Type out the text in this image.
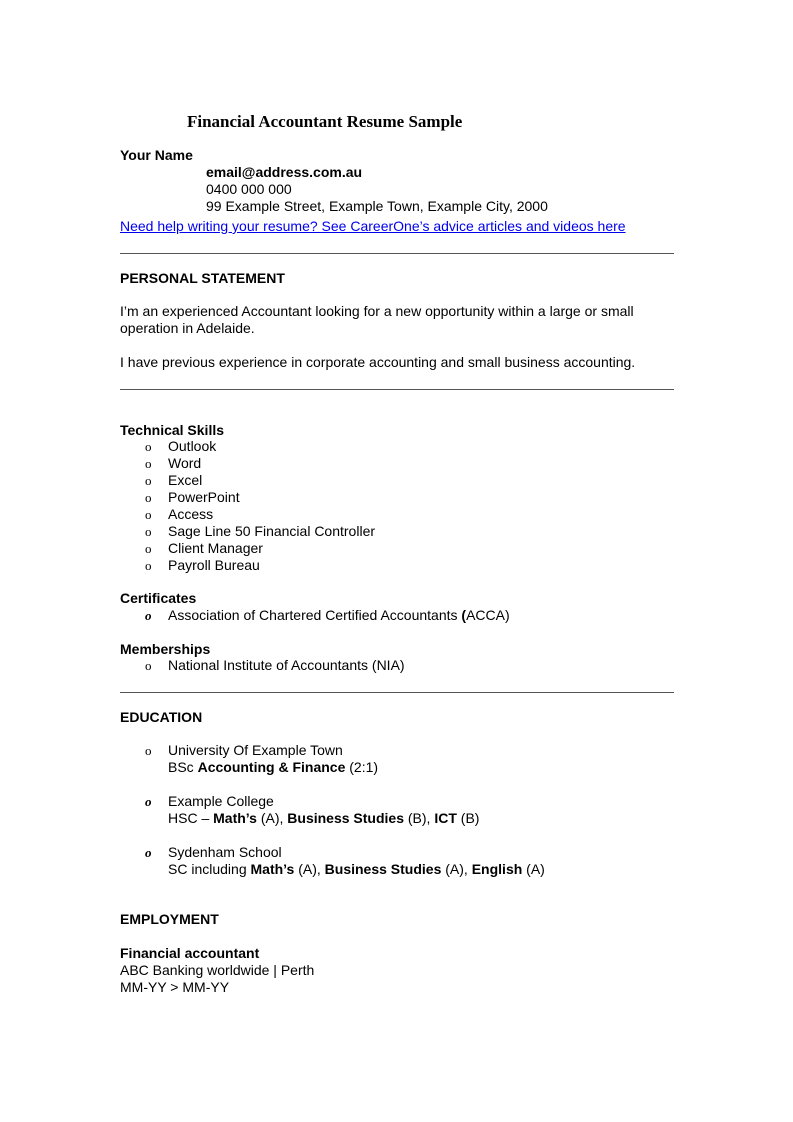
Financial Accountant Resume Sample
Your Name
email@address.com.au
0400 000 000
99 Example Street, Example Town, Example City, 2000
Need help writing your resume? See CareerOne’s advice articles and videos here
PERSONAL STATEMENT
I’m an experienced Accountant looking for a new opportunity within a large or small
operation in Adelaide.
I have previous experience in corporate accounting and small business accounting.
Technical Skills
o Outlook
o Word
o Excel
o PowerPoint
o Access
o Sage Line 50 Financial Controller
o Client Manager
o Payroll Bureau
Certificates
o Association of Chartered Certified Accountants (ACCA)
Memberships
o National Institute of Accountants (NIA)
EDUCATION
o University Of Example Town
BSc Accounting & Finance (2:1)
o Example College
HSC – Math’s (A), Business Studies (B), ICT (B)
o Sydenham School
SC including Math’s (A), Business Studies (A), English (A)
EMPLOYMENT
Financial accountant
ABC Banking worldwide | Perth
MM-YY > MM-YY
